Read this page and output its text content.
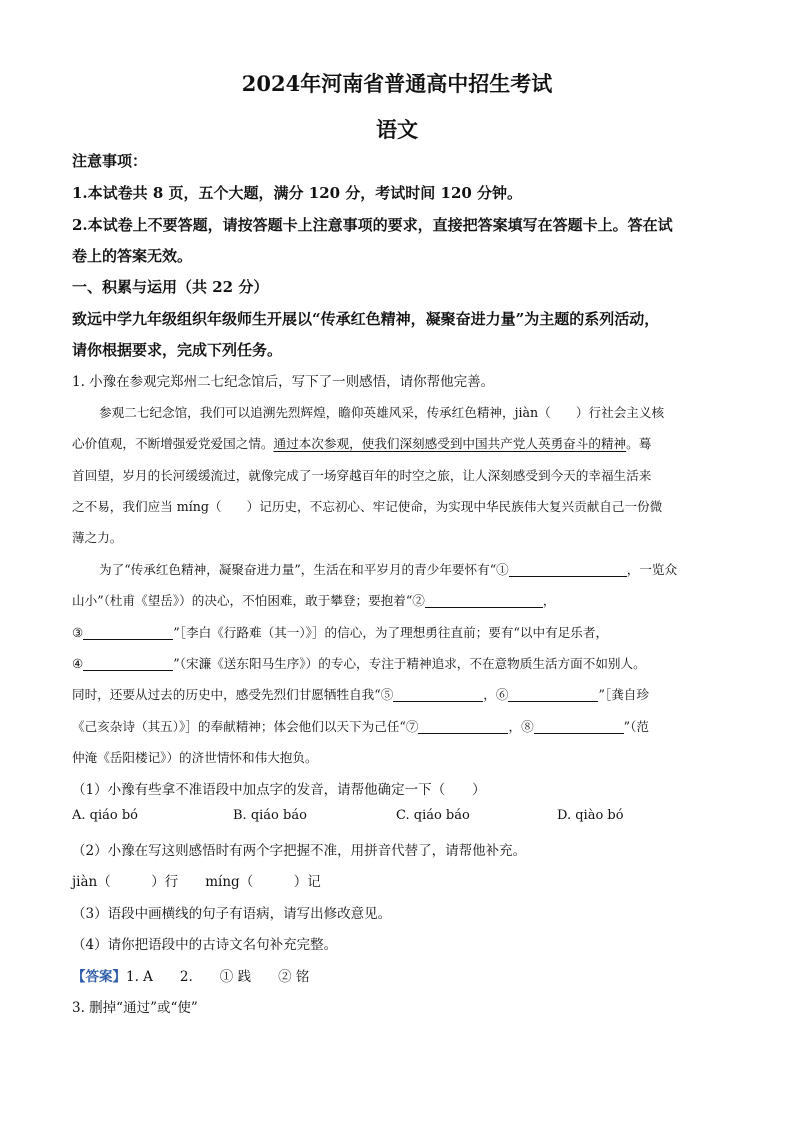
2024年河南省普通高中招生考试
语文
注意事项：
1.本试卷共 8 页，五个大题，满分 120 分，考试时间 120 分钟。
2.本试卷上不要答题，请按答题卡上注意事项的要求，直接把答案填写在答题卡上。答在试
卷上的答案无效。
一、积累与运用（共 22 分）
致远中学九年级组织年级师生开展以“传承红色精神，凝聚奋进力量”为主题的系列活动，
请你根据要求，完成下列任务。
1. 小豫在参观完郑州二七纪念馆后，写下了一则感悟，请你帮他完善。
参观二七纪念馆，我们可以追溯先烈辉煌，瞻仰英雄风采，传承红色精神，jiàn（　　）行社会主义核
心价值观，不断增强爱党爱国之情。通过本次参观，使我们深刻感受到中国共产党人英勇奋斗的精神。蓦
首回望，岁月的长河缓缓流过，就像完成了一场穿越百年的时空之旅，让人深刻感受到今天的幸福生活来
之不易，我们应当 míng（　　）记历史，不忘初心、牢记使命，为实现中华民族伟大复兴贡献自己一份微
薄之力。
为了“传承红色精神，凝聚奋进力量”，生活在和平岁月的青少年要怀有“①	，一览众
山小”（杜甫《望岳》）的决心，不怕困难，敢于攀登；要抱着“②	，
③	”［李白《行路难（其一）》］的信心，为了理想勇往直前；要有“以中有足乐者，
④	”（宋濂《送东阳马生序》）的专心，专注于精神追求，不在意物质生活方面不如别人。
同时，还要从过去的历史中，感受先烈们甘愿牺牲自我“⑤	，⑥	”［龚自珍
《己亥杂诗（其五）》］的奉献精神；体会他们以天下为己任“⑦	，⑧	”（范
仲淹《岳阳楼记》）的济世情怀和伟大抱负。
（1）小豫有些拿不准语段中加点字的发音，请帮他确定一下（　　）
A. qiáo bó	B. qiáo báo	C. qiáo báo	D. qiào bó
（2）小豫在写这则感悟时有两个字把握不准，用拼音代替了，请帮他补充。
jiàn（　　　）行　　míng（　　　）记
（3）语段中画横线的句子有语病，请写出修改意见。
（4）请你把语段中的古诗文名句补充完整。
【答案】1. A　　2.　　① 践　　② 铭
3. 删掉“通过”或“使”
